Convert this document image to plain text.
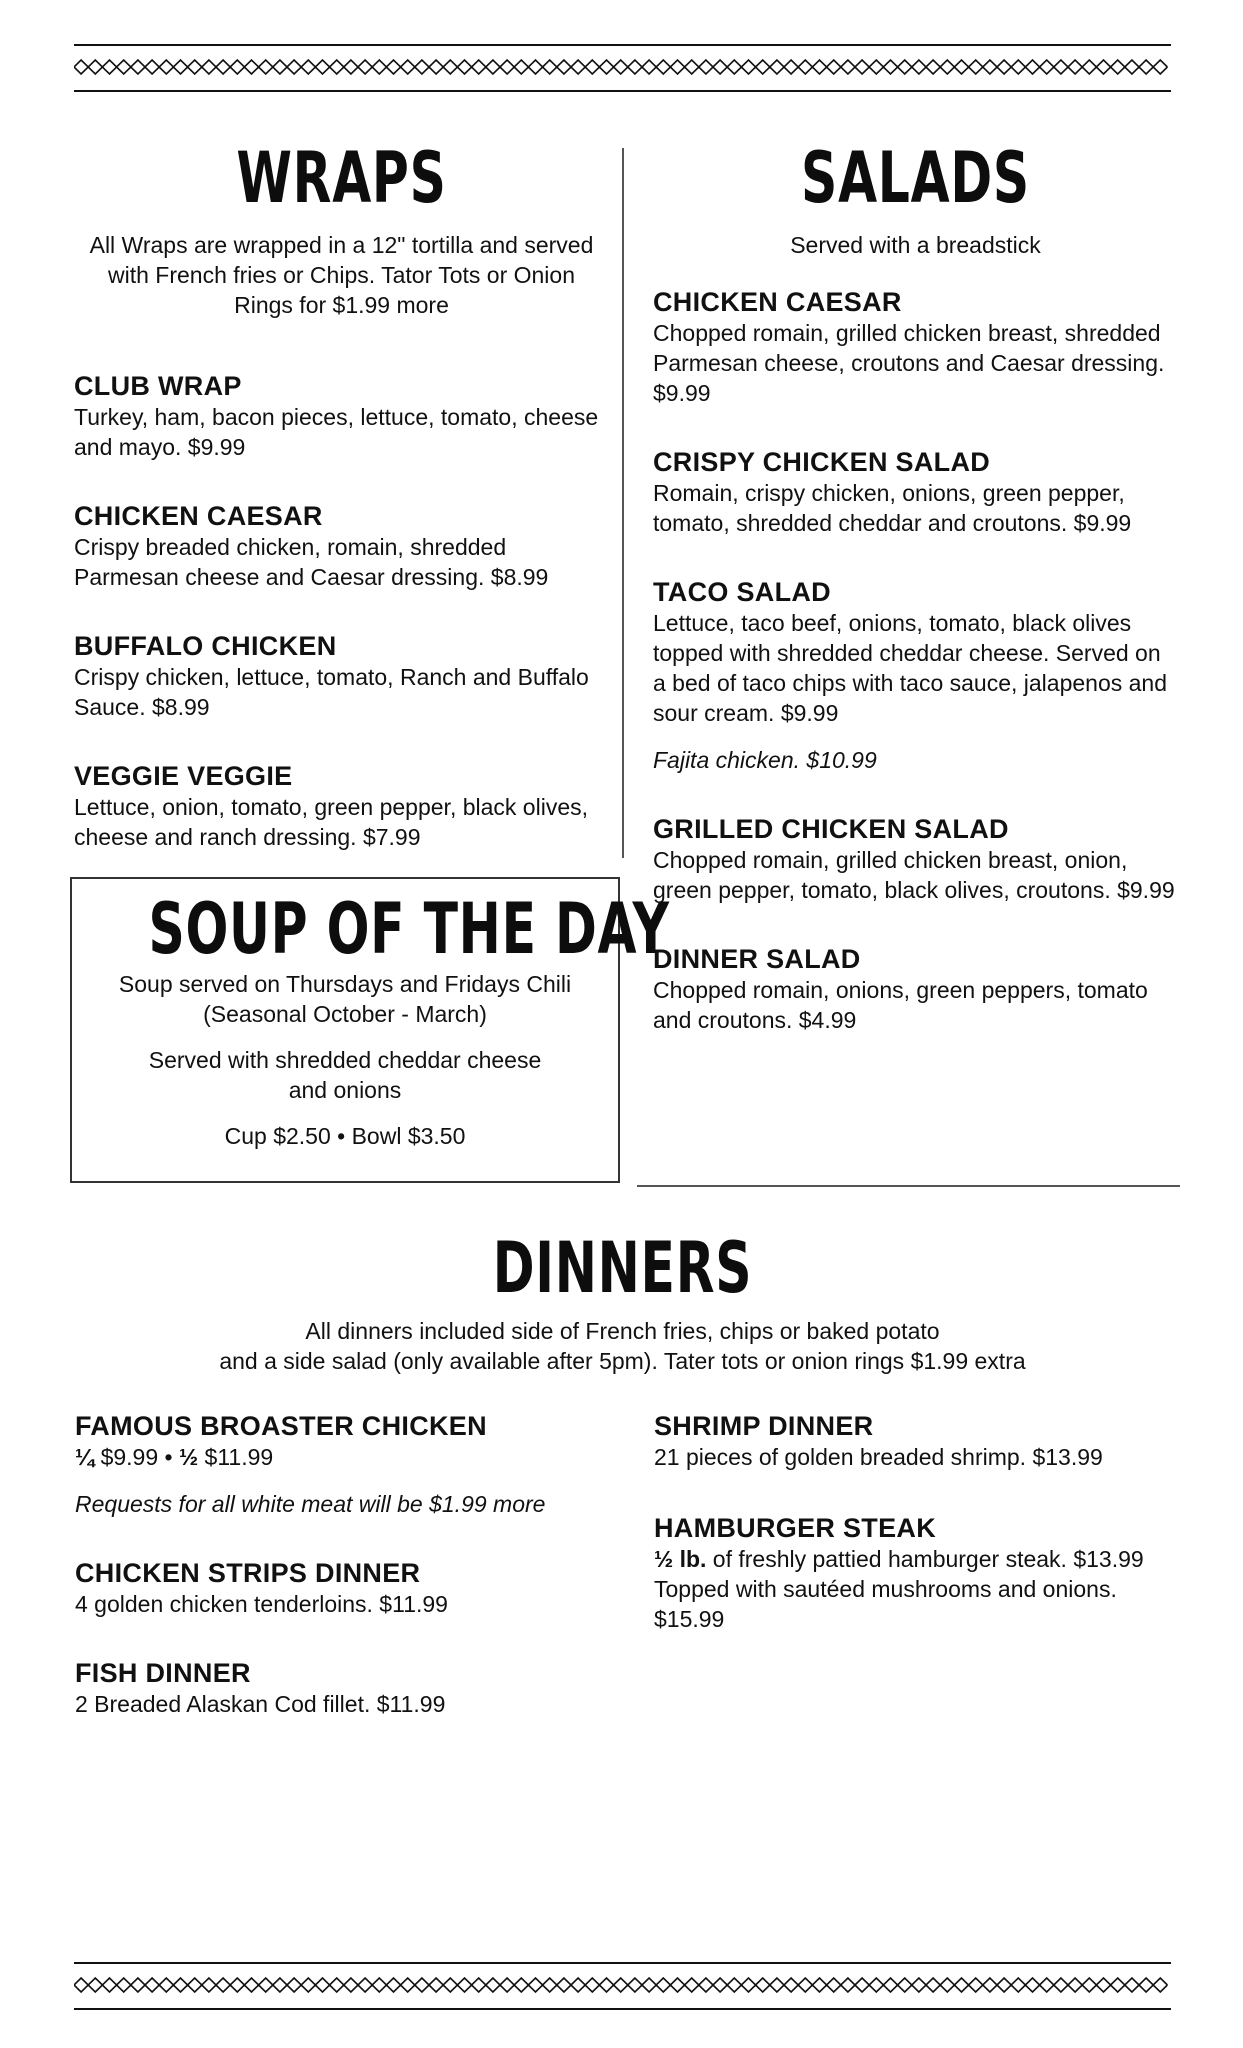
WRAPS

All Wraps are wrapped in a 12" tortilla and served with French fries or Chips. Tator Tots or Onion Rings for $1.99 more

CLUB WRAP
Turkey, ham, bacon pieces, lettuce, tomato, cheese and mayo. $9.99
CHICKEN CAESAR
Crispy breaded chicken, romain, shredded Parmesan cheese and Caesar dressing. $8.99
BUFFALO CHICKEN
Crispy chicken, lettuce, tomato, Ranch and Buffalo Sauce. $8.99
VEGGIE VEGGIE
Lettuce, onion, tomato, green pepper, black olives, cheese and ranch dressing. $7.99
SALADS

Served with a breadstick

CHICKEN CAESAR
Chopped romain, grilled chicken breast, shredded Parmesan cheese, croutons and Caesar dressing. $9.99
CRISPY CHICKEN SALAD
Romain, crispy chicken, onions, green pepper, tomato, shredded cheddar and croutons. $9.99
TACO SALAD
Lettuce, taco beef, onions, tomato, black olives topped with shredded cheddar cheese. Served on a bed of taco chips with taco sauce, jalapenos and sour cream. $9.99
Fajita chicken. $10.99
GRILLED CHICKEN SALAD
Chopped romain, grilled chicken breast, onion, green pepper, tomato, black olives, croutons. $9.99
DINNER SALAD
Chopped romain, onions, green peppers, tomato and croutons. $4.99
SOUP OF THE DAY

Soup served on Thursdays and Fridays Chili

(Seasonal October - March)

Served with shredded cheddar cheese

and onions

Cup $2.50 • Bowl $3.50

DINNERS

All dinners included side of French fries, chips or baked potato

and a side salad (only available after 5pm). Tater tots or onion rings $1.99 extra

FAMOUS BROASTER CHICKEN
¼ $9.99 • ½ $11.99
Requests for all white meat will be $1.99 more
CHICKEN STRIPS DINNER
4 golden chicken tenderloins. $11.99
FISH DINNER
2 Breaded Alaskan Cod fillet. $11.99
SHRIMP DINNER
21 pieces of golden breaded shrimp. $13.99
HAMBURGER STEAK
½ lb. of freshly pattied hamburger steak. $13.99
Topped with sautéed mushrooms and onions. $15.99
